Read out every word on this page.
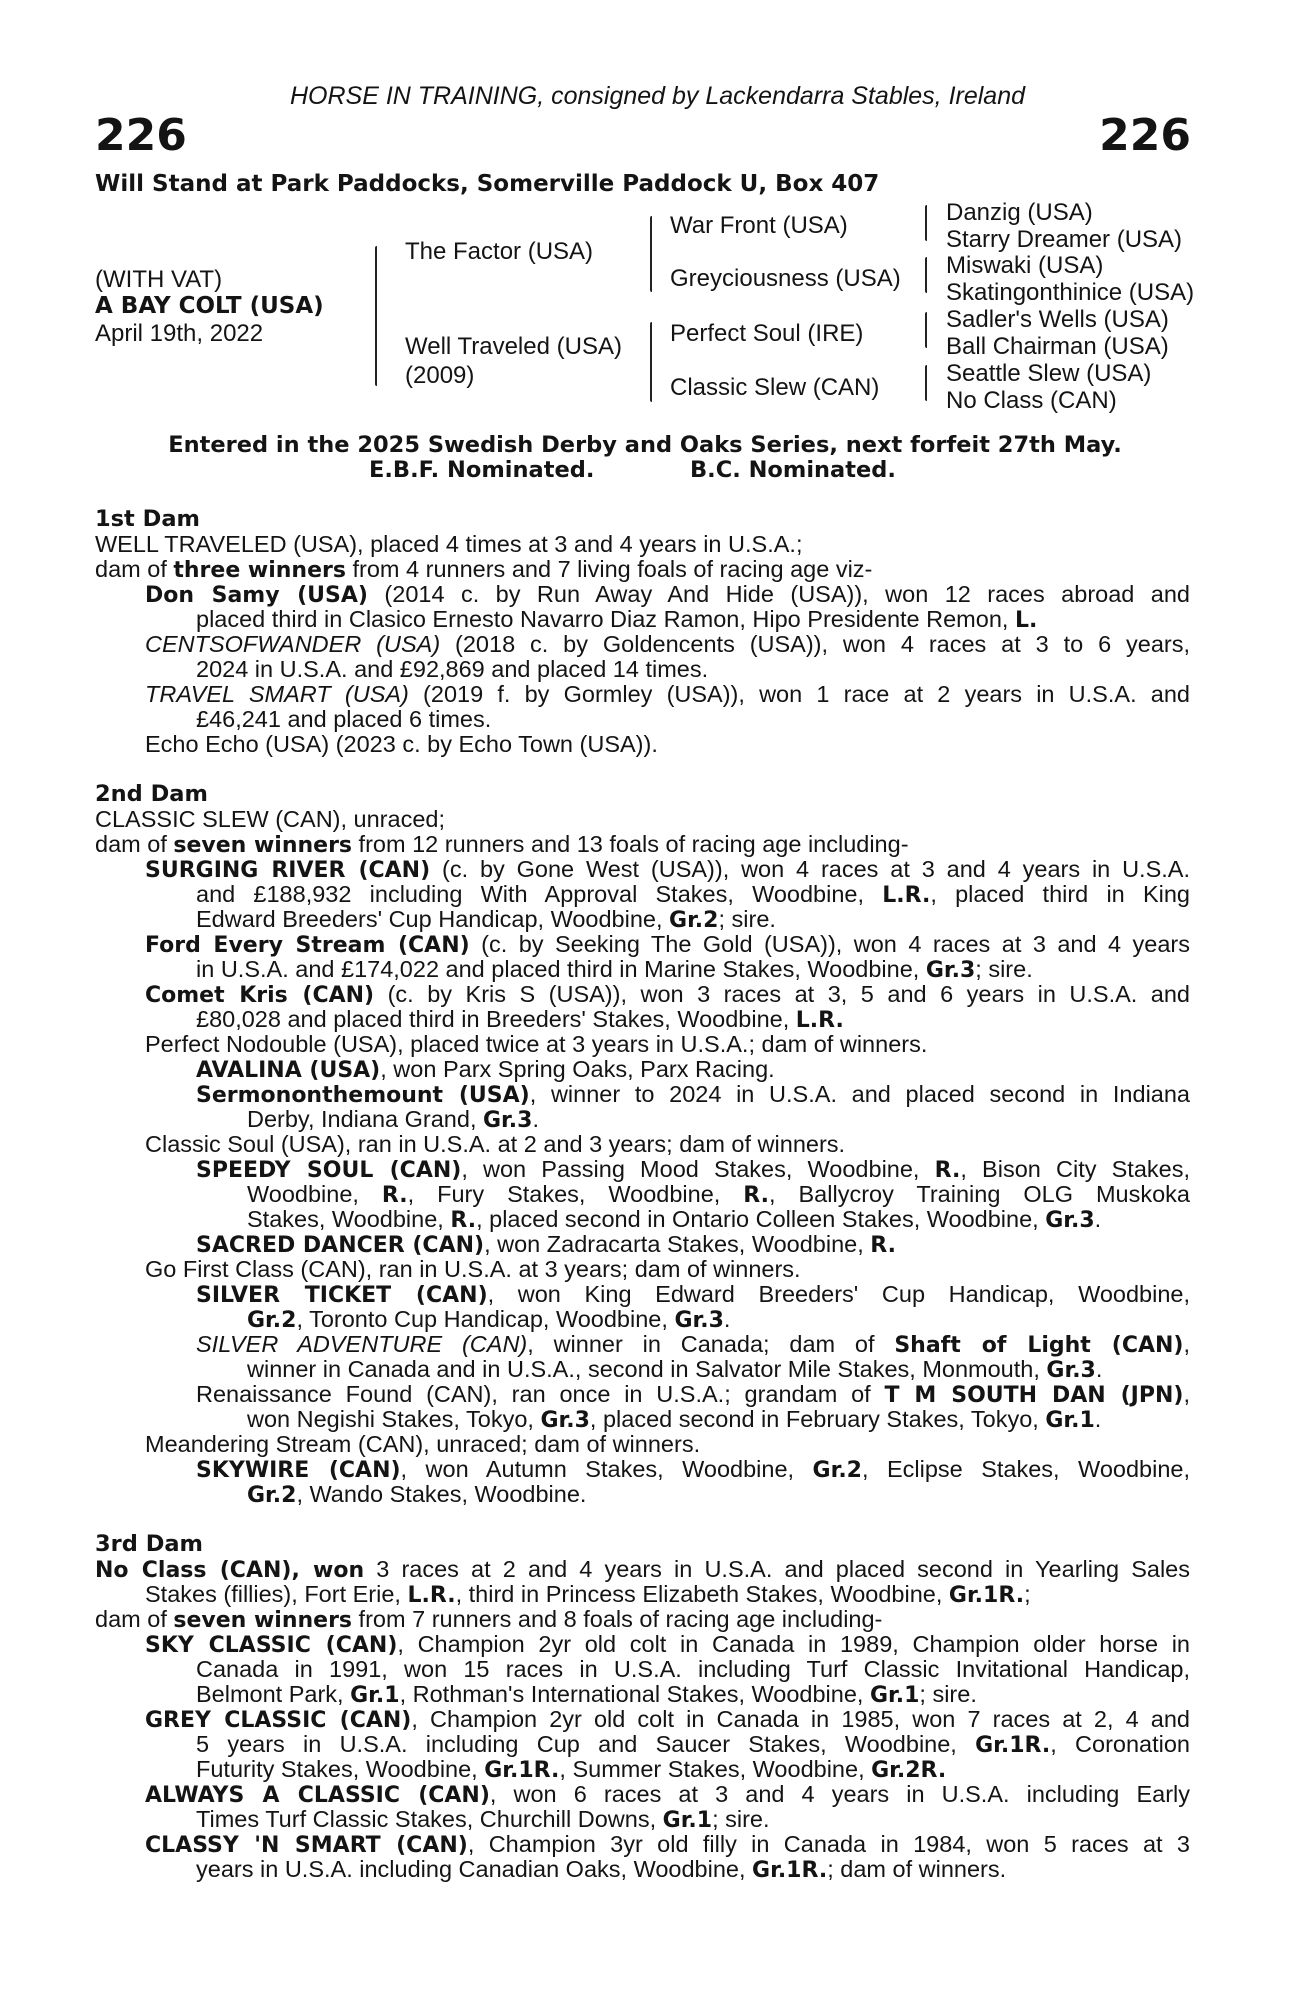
HORSE IN TRAINING, consigned by Lackendarra Stables, Ireland
226	226
Will Stand at Park Paddocks, Somerville Paddock U, Box 407
(WITH VAT)
A BAY COLT (USA)
April 19th, 2022
The Factor (USA)
Well Traveled (USA)
(2009)
War Front (USA)
Greyciousness (USA)
Perfect Soul (IRE)
Classic Slew (CAN)
Danzig (USA)
Starry Dreamer (USA)
Miswaki (USA)
Skatingonthinice (USA)
Sadler's Wells (USA)
Ball Chairman (USA)
Seattle Slew (USA)
No Class (CAN)
Entered in the 2025 Swedish Derby and Oaks Series, next forfeit 27th May.
E.B.F. Nominated.	B.C. Nominated.
1st Dam
WELL TRAVELED (USA), placed 4 times at 3 and 4 years in U.S.A.;
dam of three winners from 4 runners and 7 living foals of racing age viz-
Don Samy (USA) (2014 c. by Run Away And Hide (USA)), won 12 races abroad and
placed third in Clasico Ernesto Navarro Diaz Ramon, Hipo Presidente Remon, L.
CENTSOFWANDER (USA) (2018 c. by Goldencents (USA)), won 4 races at 3 to 6 years,
2024 in U.S.A. and £92,869 and placed 14 times.
TRAVEL SMART (USA) (2019 f. by Gormley (USA)), won 1 race at 2 years in U.S.A. and
£46,241 and placed 6 times.
Echo Echo (USA) (2023 c. by Echo Town (USA)).
2nd Dam
CLASSIC SLEW (CAN), unraced;
dam of seven winners from 12 runners and 13 foals of racing age including-
SURGING RIVER (CAN) (c. by Gone West (USA)), won 4 races at 3 and 4 years in U.S.A.
and £188,932 including With Approval Stakes, Woodbine, L.R., placed third in King
Edward Breeders' Cup Handicap, Woodbine, Gr.2; sire.
Ford Every Stream (CAN) (c. by Seeking The Gold (USA)), won 4 races at 3 and 4 years
in U.S.A. and £174,022 and placed third in Marine Stakes, Woodbine, Gr.3; sire.
Comet Kris (CAN) (c. by Kris S (USA)), won 3 races at 3, 5 and 6 years in U.S.A. and
£80,028 and placed third in Breeders' Stakes, Woodbine, L.R.
Perfect Nodouble (USA), placed twice at 3 years in U.S.A.; dam of winners.
AVALINA (USA), won Parx Spring Oaks, Parx Racing.
Sermononthemount (USA), winner to 2024 in U.S.A. and placed second in Indiana
Derby, Indiana Grand, Gr.3.
Classic Soul (USA), ran in U.S.A. at 2 and 3 years; dam of winners.
SPEEDY SOUL (CAN), won Passing Mood Stakes, Woodbine, R., Bison City Stakes,
Woodbine, R., Fury Stakes, Woodbine, R., Ballycroy Training OLG Muskoka
Stakes, Woodbine, R., placed second in Ontario Colleen Stakes, Woodbine, Gr.3.
SACRED DANCER (CAN), won Zadracarta Stakes, Woodbine, R.
Go First Class (CAN), ran in U.S.A. at 3 years; dam of winners.
SILVER TICKET (CAN), won King Edward Breeders' Cup Handicap, Woodbine,
Gr.2, Toronto Cup Handicap, Woodbine, Gr.3.
SILVER ADVENTURE (CAN), winner in Canada; dam of Shaft of Light (CAN),
winner in Canada and in U.S.A., second in Salvator Mile Stakes, Monmouth, Gr.3.
Renaissance Found (CAN), ran once in U.S.A.; grandam of T M SOUTH DAN (JPN),
won Negishi Stakes, Tokyo, Gr.3, placed second in February Stakes, Tokyo, Gr.1.
Meandering Stream (CAN), unraced; dam of winners.
SKYWIRE (CAN), won Autumn Stakes, Woodbine, Gr.2, Eclipse Stakes, Woodbine,
Gr.2, Wando Stakes, Woodbine.
3rd Dam
No Class (CAN), won 3 races at 2 and 4 years in U.S.A. and placed second in Yearling Sales
Stakes (fillies), Fort Erie, L.R., third in Princess Elizabeth Stakes, Woodbine, Gr.1R.;
dam of seven winners from 7 runners and 8 foals of racing age including-
SKY CLASSIC (CAN), Champion 2yr old colt in Canada in 1989, Champion older horse in
Canada in 1991, won 15 races in U.S.A. including Turf Classic Invitational Handicap,
Belmont Park, Gr.1, Rothman's International Stakes, Woodbine, Gr.1; sire.
GREY CLASSIC (CAN), Champion 2yr old colt in Canada in 1985, won 7 races at 2, 4 and
5 years in U.S.A. including Cup and Saucer Stakes, Woodbine, Gr.1R., Coronation
Futurity Stakes, Woodbine, Gr.1R., Summer Stakes, Woodbine, Gr.2R.
ALWAYS A CLASSIC (CAN), won 6 races at 3 and 4 years in U.S.A. including Early
Times Turf Classic Stakes, Churchill Downs, Gr.1; sire.
CLASSY 'N SMART (CAN), Champion 3yr old filly in Canada in 1984, won 5 races at 3
years in U.S.A. including Canadian Oaks, Woodbine, Gr.1R.; dam of winners.
